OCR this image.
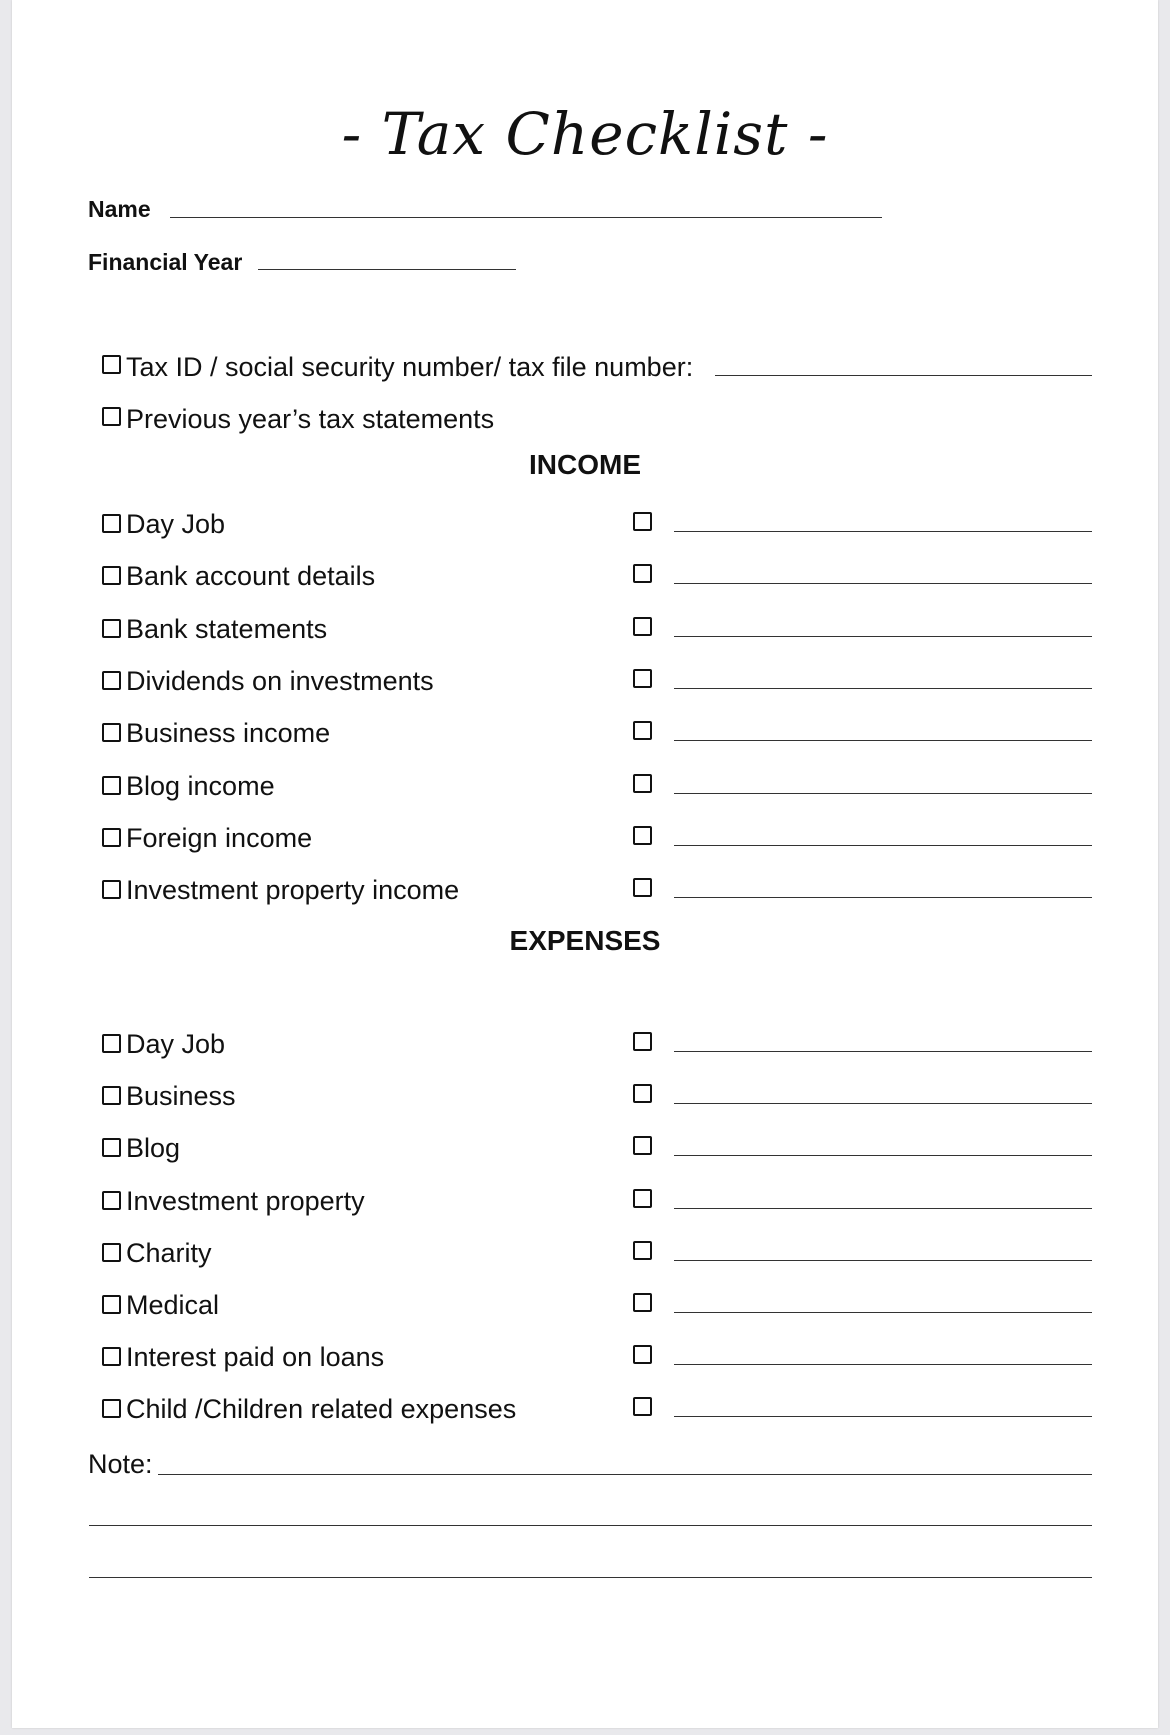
- Tax Checklist -
Name
Financial Year
Tax ID / social security number/ tax file number:
Previous year’s tax statements
INCOME
Day Job
Bank account details
Bank statements
Dividends on investments
Business income
Blog income
Foreign income
Investment property income
EXPENSES
Day Job
Business
Blog
Investment property
Charity
Medical
Interest paid on loans
Child /Children related expenses
Note:
